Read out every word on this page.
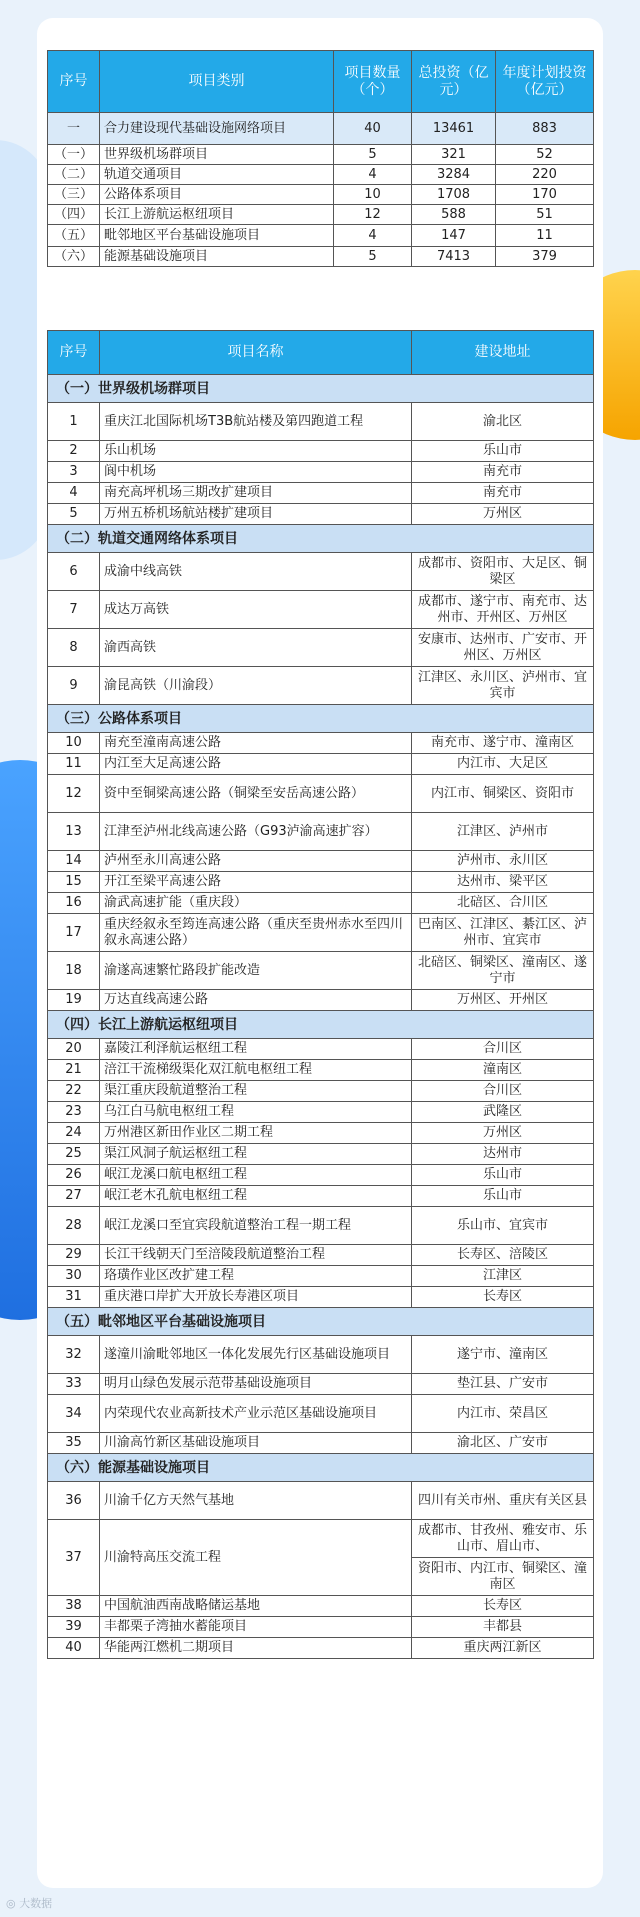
序号	项目类别	项目数量（个）	总投资（亿元）	年度计划投资（亿元）
一	合力建设现代基础设施网络项目	40	13461	883
（一）	世界级机场群项目	5	321	52
（二）	轨道交通项目	4	3284	220
（三）	公路体系项目	10	1708	170
（四）	长江上游航运枢纽项目	12	588	51
（五）	毗邻地区平台基础设施项目	4	147	11
（六）	能源基础设施项目	5	7413	379
序号	项目名称	建设地址
（一）世界级机场群项目		
1	重庆江北国际机场T3B航站楼及第四跑道工程	渝北区
2	乐山机场	乐山市
3	阆中机场	南充市
4	南充高坪机场三期改扩建项目	南充市
5	万州五桥机场航站楼扩建项目	万州区
（二）轨道交通网络体系项目		
6	成渝中线高铁	成都市、资阳市、大足区、铜梁区
7	成达万高铁	成都市、遂宁市、南充市、达州市、开州区、万州区
8	渝西高铁	安康市、达州市、广安市、开州区、万州区
9	渝昆高铁（川渝段）	江津区、永川区、泸州市、宜宾市
（三）公路体系项目		
10	南充至潼南高速公路	南充市、遂宁市、潼南区
11	内江至大足高速公路	内江市、大足区
12	资中至铜梁高速公路（铜梁至安岳高速公路）	内江市、铜梁区、资阳市
13	江津至泸州北线高速公路（G93泸渝高速扩容）	江津区、泸州市
14	泸州至永川高速公路	泸州市、永川区
15	开江至梁平高速公路	达州市、梁平区
16	渝武高速扩能（重庆段）	北碚区、合川区
17	重庆经叙永至筠连高速公路（重庆至贵州赤水至四川叙永高速公路）	巴南区、江津区、綦江区、泸州市、宜宾市
18	渝遂高速繁忙路段扩能改造	北碚区、铜梁区、潼南区、遂宁市
19	万达直线高速公路	万州区、开州区
（四）长江上游航运枢纽项目		
20	嘉陵江利泽航运枢纽工程	合川区
21	涪江干流梯级渠化双江航电枢纽工程	潼南区
22	渠江重庆段航道整治工程	合川区
23	乌江白马航电枢纽工程	武隆区
24	万州港区新田作业区二期工程	万州区
25	渠江风洞子航运枢纽工程	达州市
26	岷江龙溪口航电枢纽工程	乐山市
27	岷江老木孔航电枢纽工程	乐山市
28	岷江龙溪口至宜宾段航道整治工程一期工程	乐山市、宜宾市
29	长江干线朝天门至涪陵段航道整治工程	长寿区、涪陵区
30	珞璜作业区改扩建工程	江津区
31	重庆港口岸扩大开放长寿港区项目	长寿区
（五）毗邻地区平台基础设施项目		
32	遂潼川渝毗邻地区一体化发展先行区基础设施项目	遂宁市、潼南区
33	明月山绿色发展示范带基础设施项目	垫江县、广安市
34	内荣现代农业高新技术产业示范区基础设施项目	内江市、荣昌区
35	川渝高竹新区基础设施项目	渝北区、广安市
（六）能源基础设施项目		
36	川渝千亿方天然气基地	四川有关市州、重庆有关区县
37	川渝特高压交流工程	成都市、甘孜州、雅安市、乐山市、眉山市、
		资阳市、内江市、铜梁区、潼南区
38	中国航油西南战略储运基地	长寿区
39	丰都栗子湾抽水蓄能项目	丰都县
40	华能两江燃机二期项目	重庆两江新区
◎ 大数据
